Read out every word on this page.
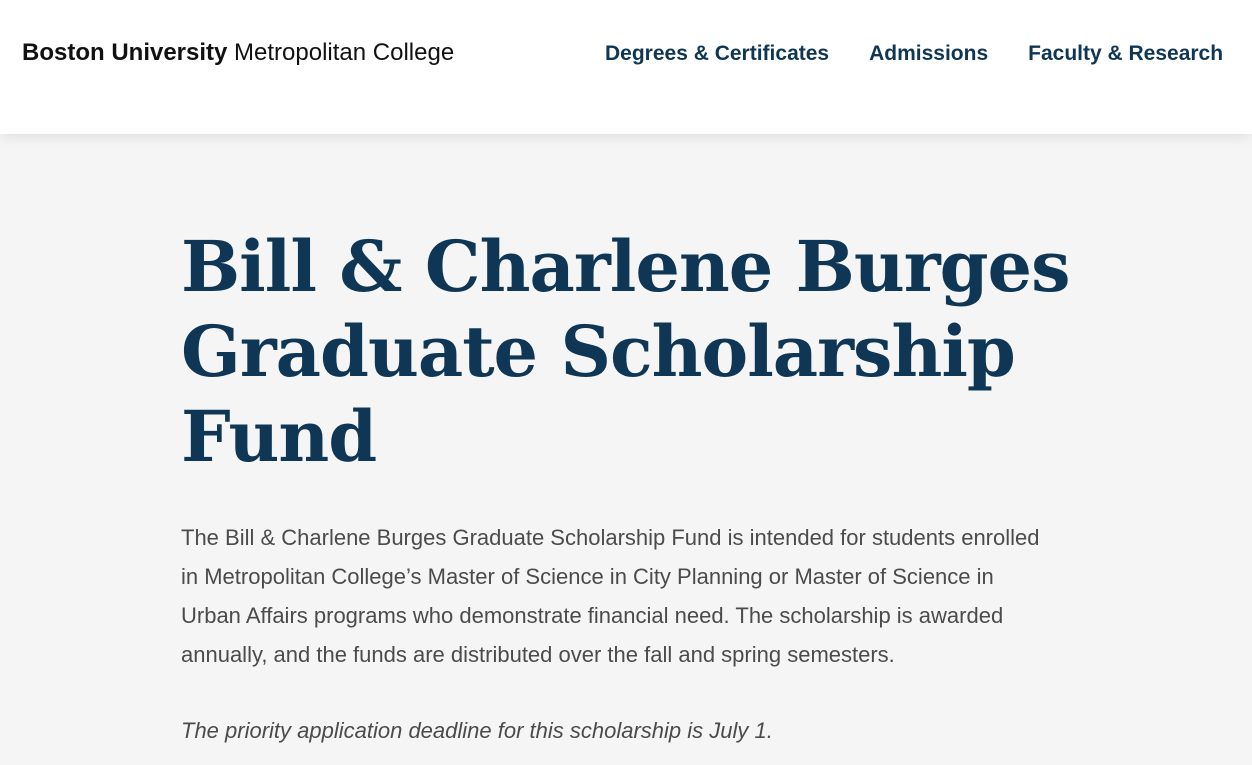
Boston University Metropolitan College	Degrees & Certificates Admissions Faculty & Research
Bill & Charlene Burges
Graduate Scholarship
Fund

The Bill & Charlene Burges Graduate Scholarship Fund is intended for students enrolled
in Metropolitan College’s Master of Science in City Planning or Master of Science in
Urban Affairs programs who demonstrate financial need. The scholarship is awarded
annually, and the funds are distributed over the fall and spring semesters.

The priority application deadline for this scholarship is July 1.
